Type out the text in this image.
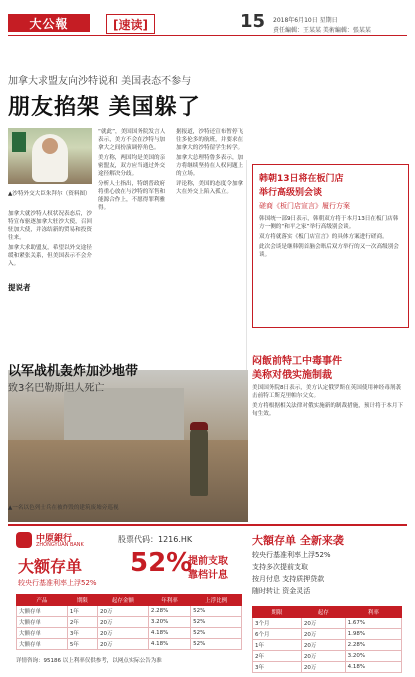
大公報	[速读]	15 2018年6月10日 星期日
責任編輯：王某某 美術編輯：張某某
加拿大求盟友向沙特说和 美国表态不参与
朋友掐架 美国躲了
▲沙特外交大臣朱拜尔（资料图）

加拿大就沙特人权状况表态后，沙特宣布驱逐加拿大驻沙大使，召回驻加大使，并冻结新的贸易和投资往来。

加拿大求助盟友，希望以外交途径缓和紧张关系，但美国表示不会介入。

提说者

“就此”，美国国务院发言人表示，美方不会在沙特与加拿大之间扮演调停角色。

美方称，两国均是美国的亲密盟友，双方应当通过外交途径解决分歧。

分析人士指出，特朗普政府将重心放在与沙特的军售和能源合作上，不愿得罪利雅得。

据报道，沙特还宣布暂停飞往多伦多的航班，并要求在加拿大的沙特留学生转学。

加拿大总理特鲁多表示，加方将继续坚持在人权问题上的立场。

评论称，美国的态度令加拿大在外交上陷入孤立。

韩朝13日将在板门店
举行高级别会谈
磋商《板门店宣言》履行方案

韩国统一部9日表示，韩朝双方将于本月13日在板门店韩方一侧的“和平之家”举行高级别会谈。

双方将就落实《板门店宣言》的具体方案进行磋商。

此次会谈是继韩朝首脑会晤后双方举行的又一次高级别会谈。

闷飯前特工中毒事件
美称对俄实施制裁

美国国务院8日表示，美方认定俄罗斯在英国使用神经毒剂袭击前特工斯克里帕尔父女。

美方将根据相关法律对俄实施新的制裁措施，预计将于本月下旬生效。

以军战机轰炸加沙地带
致3名巴勒斯坦人死亡
▲一名以色列士兵在被炸毁的建筑废墟旁巡视
中原銀行
ZHONGYUAN BANK
股票代码：1216.HK
大额存单 52%
提前支取
靠档计息
较央行基准利率上浮52%
产品	期限	起存金额	年利率	上浮比例
大额存单	1年	20万	2.28%	52%
大额存单	2年	20万	3.20%	52%
大额存单	3年	20万	4.18%	52%
大额存单	5年	20万	4.18%	52%
详情咨询：95186 以上利率仅供参考，以网点实际公告为准
大額存单 全新来袭
较央行基准利率上浮52%
支持多次提前支取
按月付息 支持质押贷款
随时转让 资金灵活
期限	起存	利率
3个月	20万	1.67%
6个月	20万	1.98%
1年	20万	2.28%
2年	20万	3.20%
3年	20万	4.18%
